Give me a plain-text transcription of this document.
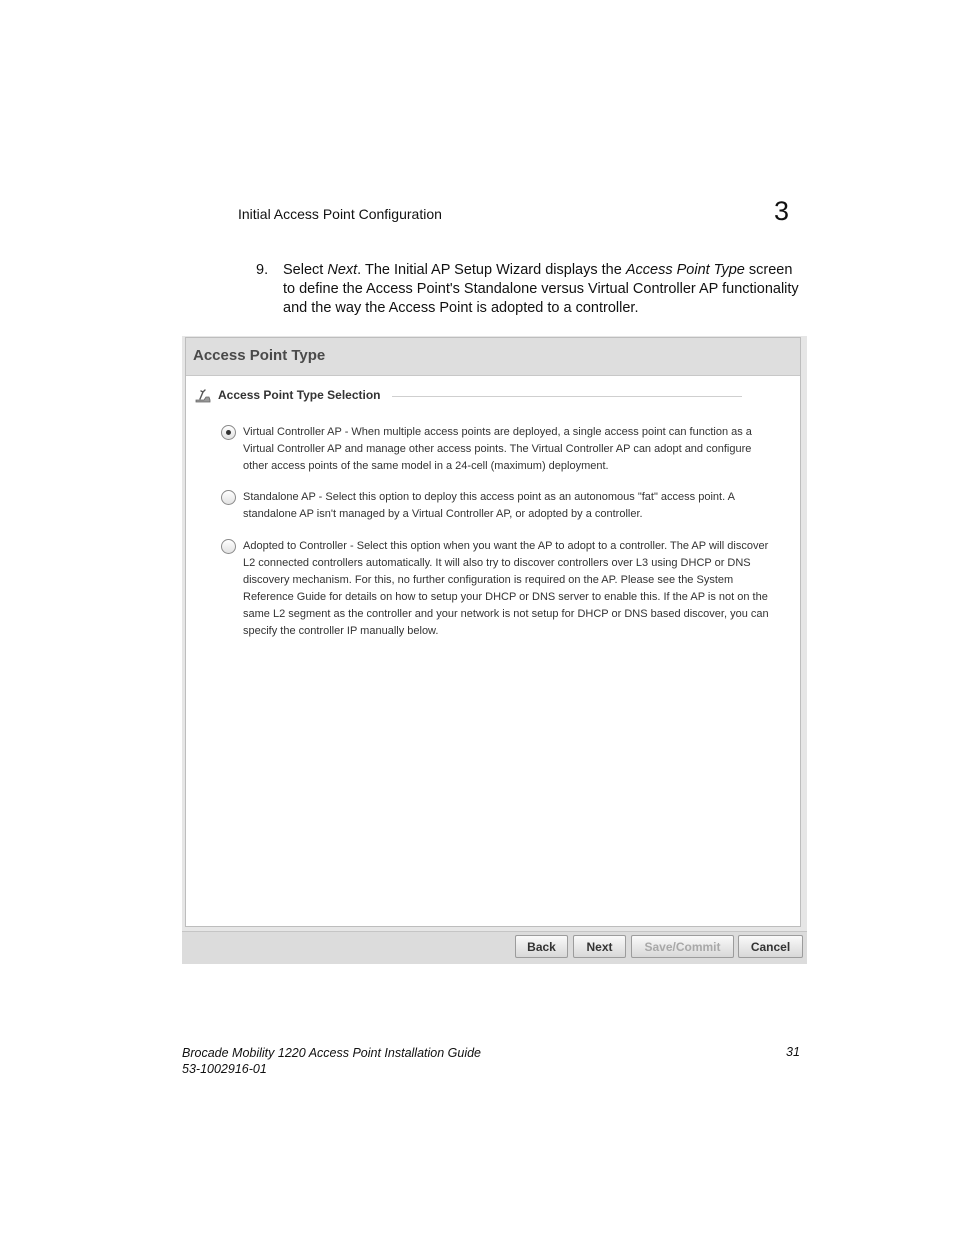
Initial Access Point Configuration	3
9. Select Next. The Initial AP Setup Wizard displays the Access Point Type screen to define the Access Point's Standalone versus Virtual Controller AP functionality and the way the Access Point is adopted to a controller.
Access Point Type
Access Point Type Selection
Virtual Controller AP - When multiple access points are deployed, a single access point can function as a Virtual Controller AP and manage other access points. The Virtual Controller AP can adopt and configure other access points of the same model in a 24-cell (maximum) deployment.
Standalone AP - Select this option to deploy this access point as an autonomous "fat" access point. A standalone AP isn't managed by a Virtual Controller AP, or adopted by a controller.
Adopted to Controller - Select this option when you want the AP to adopt to a controller. The AP will discover L2 connected controllers automatically. It will also try to discover controllers over L3 using DHCP or DNS discovery mechanism. For this, no further configuration is required on the AP. Please see the System Reference Guide for details on how to setup your DHCP or DNS server to enable this. If the AP is not on the same L2 segment as the controller and your network is not setup for DHCP or DNS based discover, you can specify the controller IP manually below.
Back	Next	Save/Commit	Cancel
Brocade Mobility 1220 Access Point Installation Guide
53-1002916-01
31
